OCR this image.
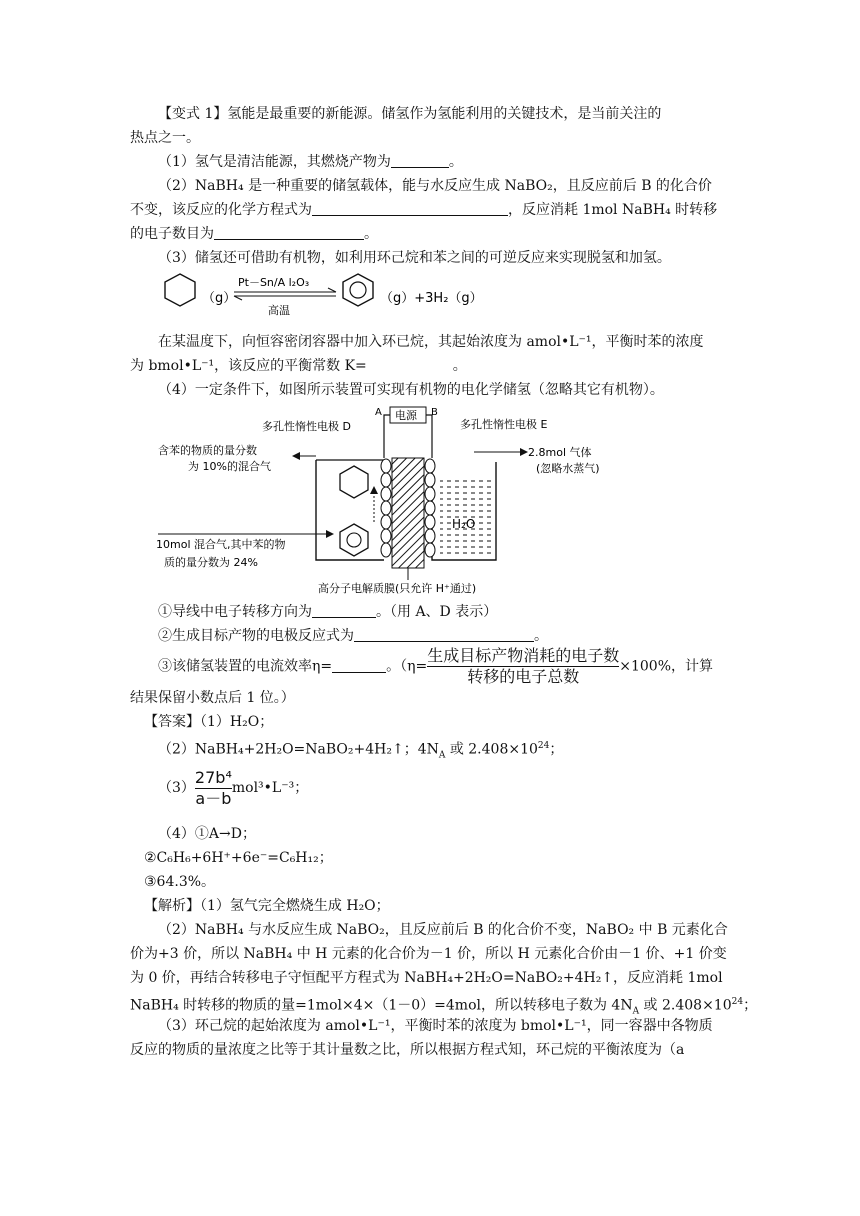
【变式 1】氢能是最重要的新能源。储氢作为氢能利用的关键技术，是当前关注的
热点之一。
（1）氢气是清洁能源，其燃烧产物为	。
（2）NaBH₄ 是一种重要的储氢载体，能与水反应生成 NaBO₂，且反应前后 B 的化合价
不变，该反应的化学方程式为	，反应消耗 1mol NaBH₄ 时转移
的电子数目为	。
（3）储氢还可借助有机物，如利用环己烷和苯之间的可逆反应来实现脱氢和加氢。
（g）
Pt－Sn/A l₂O₃
高温
（g）+3H₂（g）
在某温度下，向恒容密闭容器中加入环已烷，其起始浓度为 amol•L⁻¹，平衡时苯的浓度
为 bmol•L⁻¹，该反应的平衡常数 K=	。
（4）一定条件下，如图所示装置可实现有机物的电化学储氢（忽略其它有机物）。
A	B
电源
多孔性惰性电极 D	多孔性惰性电极 E
H₂O
含苯的物质的量分数
为 10%的混合气
10mol 混合气,其中苯的物
质的量分数为 24%
2.8mol 气体
(忽略水蒸气)
高分子电解质膜(只允许 H⁺通过)
①导线中电子转移方向为	。（用 A、D 表示）
②生成目标产物的电极反应式为	。
③该储氢装置的电流效率η=	。（$\eta= \frac{\text{生成目标产物消耗的电子数}}{\text{转移的电子总数}} \times 100\%$，计算
结果保留小数点后 1 位。）
【答案】（1）H₂O；
（2）NaBH₄+2H₂O=NaBO₂+4H₂↑；$4N_A$ 或 $2.408\times 10^{24}$；
$(3) \frac{\text{27b⁴}}{a-b}$ mol³•L⁻³；
（4）①A→D；
②C₆H₆+6H⁺+6e⁻=C₆H₁₂；
③64.3%。
【解析】（1）氢气完全燃烧生成 H₂O；
（2）NaBH₄ 与水反应生成 NaBO₂，且反应前后 B 的化合价不变，NaBO₂ 中 B 元素化合
价为+3 价，所以 NaBH₄ 中 H 元素的化合价为－1 价，所以 H 元素化合价由－1 价、+1 价变
为 0 价，再结合转移电子守恒配平方程式为 NaBH₄+2H₂O=NaBO₂+4H₂↑，反应消耗 1mol
NaBH₄ 时转移的物质的量=1mol×4×（1－0）=4mol，所以转移电子数为 $4N_A$ 或 $2.408\times 10^{24}$；
（3）环己烷的起始浓度为 amol•L⁻¹，平衡时苯的浓度为 bmol•L⁻¹，同一容器中各物质
反应的物质的量浓度之比等于其计量数之比，所以根据方程式知，环己烷的平衡浓度为（a
